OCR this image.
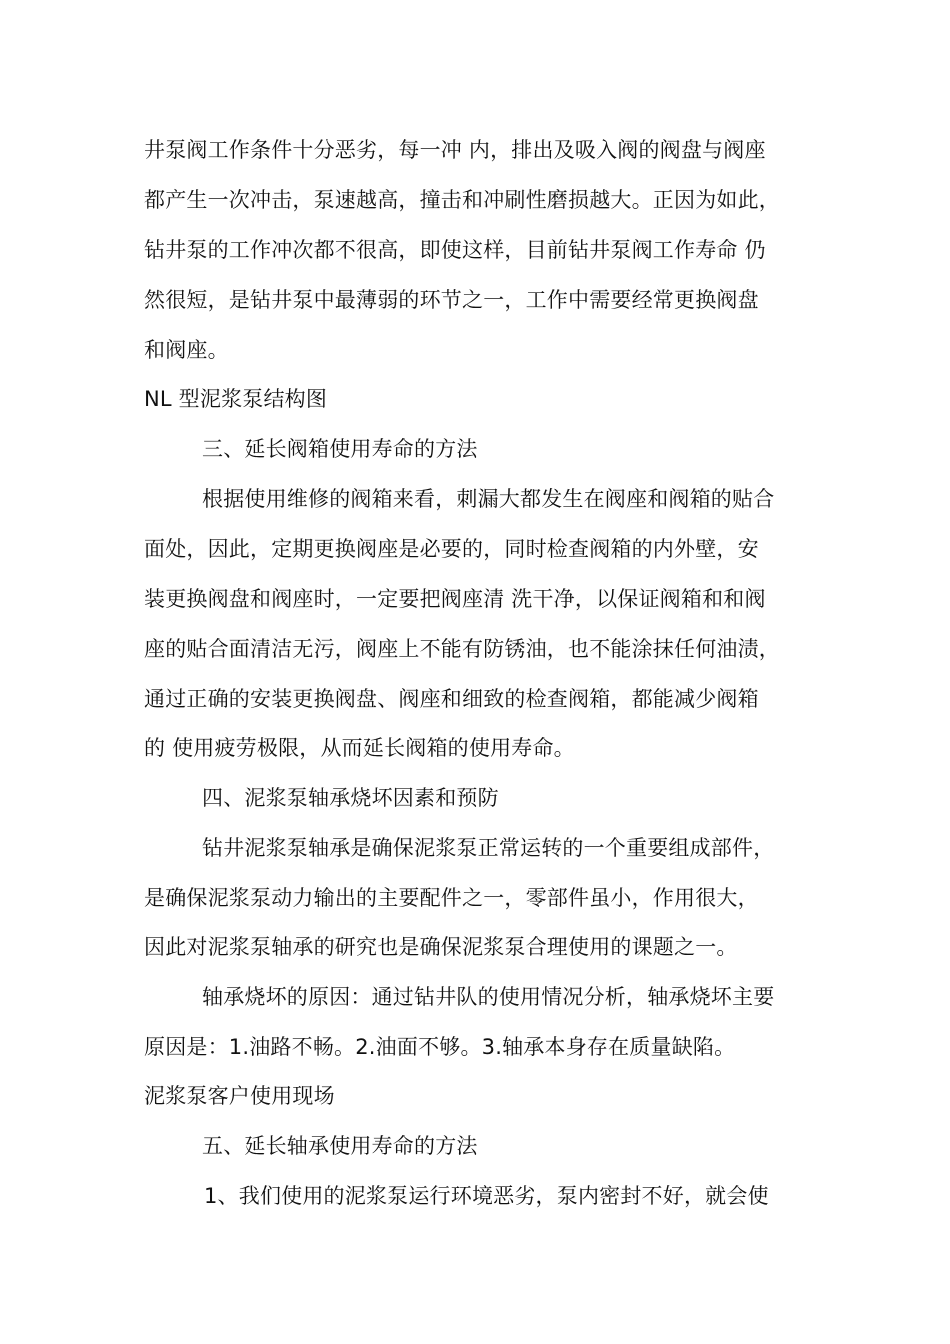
井泵阀工作条件十分恶劣，每一冲 内，排出及吸入阀的阀盘与阀座
都产生一次冲击，泵速越高，撞击和冲刷性磨损越大。正因为如此，
钻井泵的工作冲次都不很高，即使这样，目前钻井泵阀工作寿命 仍
然很短，是钻井泵中最薄弱的环节之一，工作中需要经常更换阀盘
和阀座。
NL 型泥浆泵结构图
三、延长阀箱使用寿命的方法
根据使用维修的阀箱来看，刺漏大都发生在阀座和阀箱的贴合
面处，因此，定期更换阀座是必要的，同时检查阀箱的内外壁，安
装更换阀盘和阀座时，一定要把阀座清 洗干净，以保证阀箱和和阀
座的贴合面清洁无污，阀座上不能有防锈油，也不能涂抹任何油渍，
通过正确的安装更换阀盘、阀座和细致的检查阀箱，都能减少阀箱
的 使用疲劳极限，从而延长阀箱的使用寿命。
四、泥浆泵轴承烧坏因素和预防
钻井泥浆泵轴承是确保泥浆泵正常运转的一个重要组成部件，
是确保泥浆泵动力输出的主要配件之一，零部件虽小，作用很大，
因此对泥浆泵轴承的研究也是确保泥浆泵合理使用的课题之一。
轴承烧坏的原因：通过钻井队的使用情况分析，轴承烧坏主要
原因是：1.油路不畅。2.油面不够。3.轴承本身存在质量缺陷。
泥浆泵客户使用现场
五、延长轴承使用寿命的方法
1、我们使用的泥浆泵运行环境恶劣，泵内密封不好，就会使
